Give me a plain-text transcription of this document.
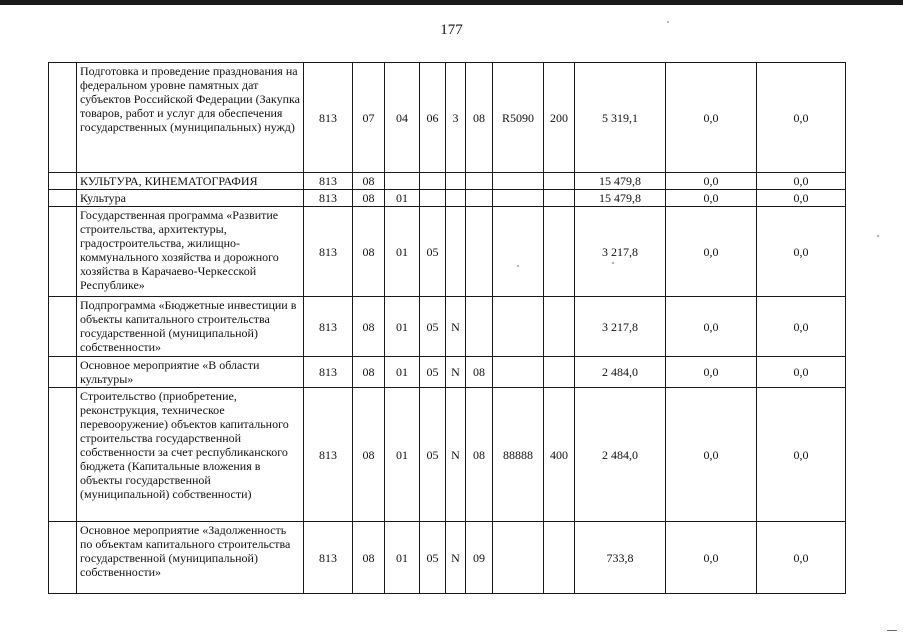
177
	Подготовка и проведение празднования на федеральном уровне памятных дат субъектов Российской Федерации (Закупка товаров, работ и услуг для обеспечения государственных (муниципальных) нужд)	813	07	04	06	3	08	R5090	200	5 319,1	0,0	0,0
	КУЛЬТУРА, КИНЕМАТОГРАФИЯ	813	08							15 479,8	0,0	0,0
	Культура	813	08	01						15 479,8	0,0	0,0
	Государственная программа «Развитие строительства, архитектуры, градостроительства, жилищно-коммунального хозяйства и дорожного хозяйства в Карачаево-Черкесской Республике»	813	08	01	05					3 217,8	0,0	0,0
	Подпрограмма «Бюджетные инвестиции в объекты капитального строительства государственной (муниципальной) собственности»	813	08	01	05	N				3 217,8	0,0	0,0
	Основное мероприятие «В области культуры»	813	08	01	05	N	08			2 484,0	0,0	0,0
	Строительство (приобретение, реконструкция, техническое перевооружение) объектов капитального строительства государственной собственности за счет республиканского бюджета (Капитальные вложения в объекты государственной (муниципальной) собственности)	813	08	01	05	N	08	88888	400	2 484,0	0,0	0,0
	Основное мероприятие «Задолженность по объектам капитального строительства государственной (муниципальной) собственности»	813	08	01	05	N	09			733,8	0,0	0,0
